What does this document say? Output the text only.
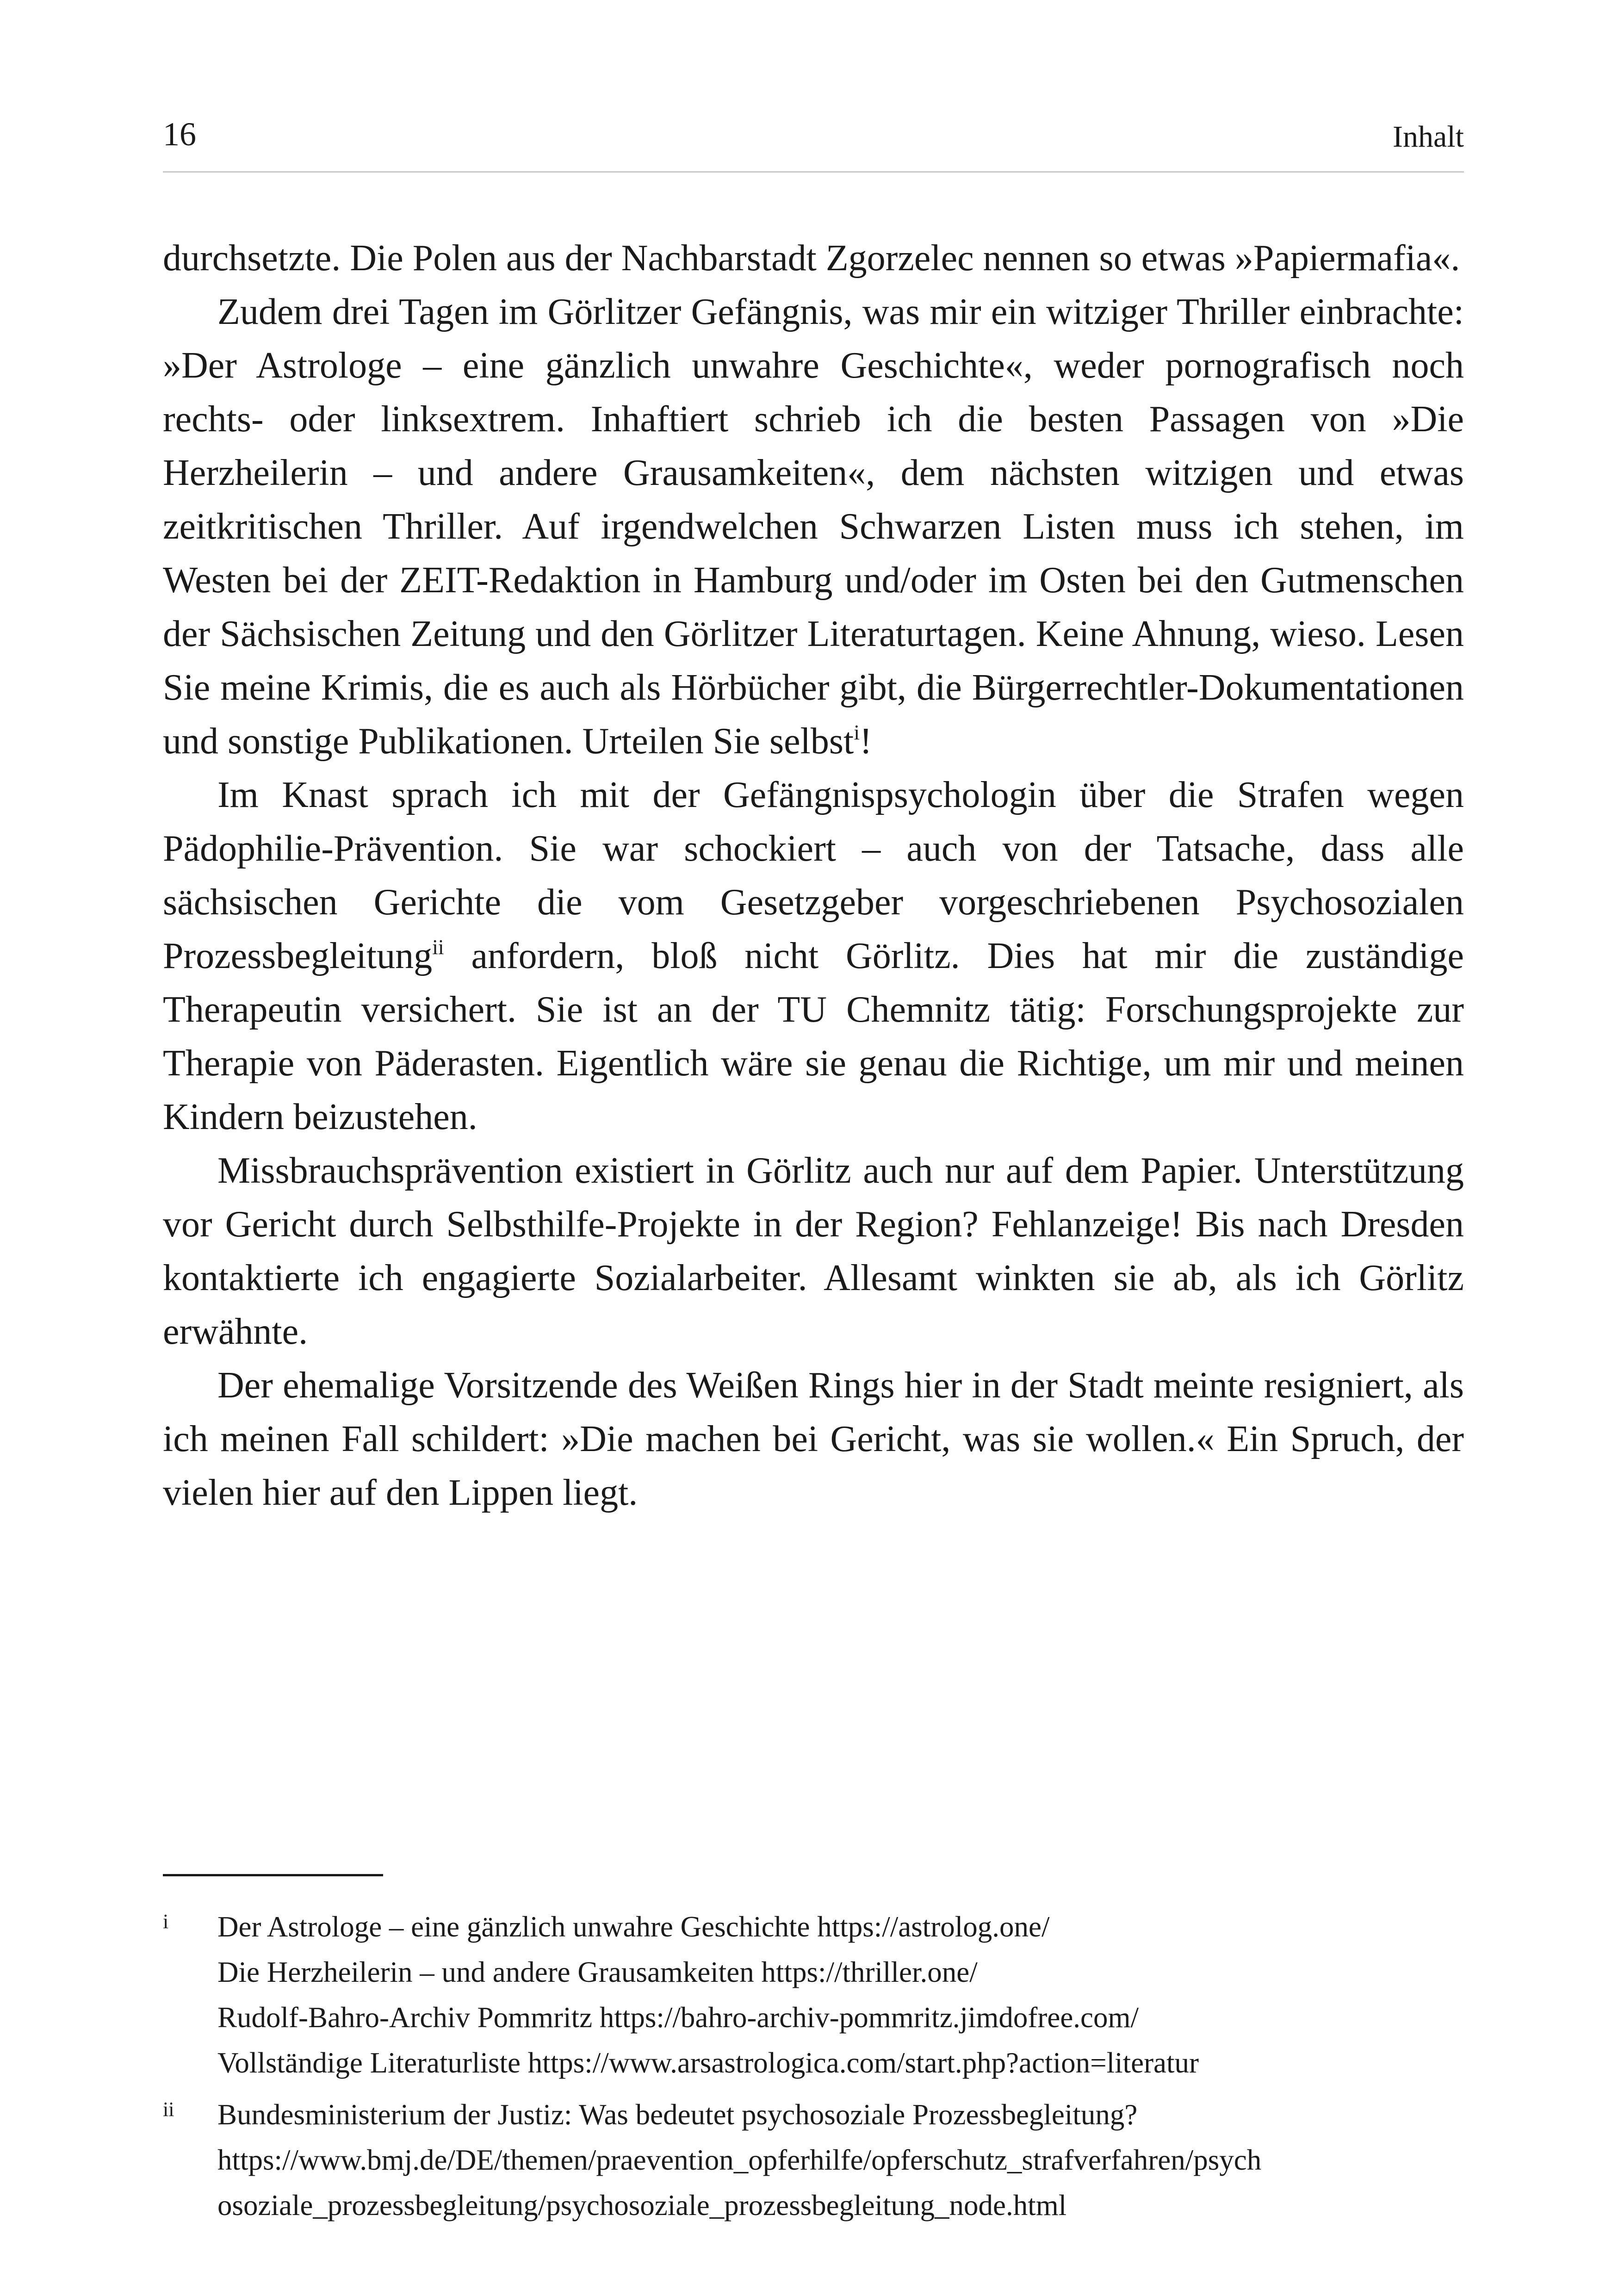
16	Inhalt

durchsetzte. Die Polen aus der Nachbarstadt Zgorzelec nennen so etwas »Papiermafia«.

Zudem drei Tagen im Görlitzer Gefängnis, was mir ein witziger Thriller einbrachte: »Der Astrologe – eine gänzlich unwahre Geschichte«, weder pornografisch noch rechts- oder linksextrem. Inhaftiert schrieb ich die besten Passagen von »Die Herzheilerin – und andere Grausamkeiten«, dem nächsten witzigen und etwas zeitkritischen Thriller. Auf irgendwelchen Schwarzen Listen muss ich stehen, im Westen bei der ZEIT-Redaktion in Hamburg und/oder im Osten bei den Gutmenschen der Sächsischen Zeitung und den Görlitzer Literaturtagen. Keine Ahnung, wieso. Lesen Sie meine Krimis, die es auch als Hörbücher gibt, die Bürgerrechtler-Dokumentationen und sonstige Publikationen. Urteilen Sie selbst$^i$!

Im Knast sprach ich mit der Gefängnispsychologin über die Strafen wegen Pädophilie-Prävention. Sie war schockiert – auch von der Tatsache, dass alle sächsischen Gerichte die vom Gesetzgeber vorgeschriebenen Psychosozialen Prozessbegleitung$^{ii}$ anfordern, bloß nicht Görlitz. Dies hat mir die zuständige Therapeutin versichert. Sie ist an der TU Chemnitz tätig: Forschungsprojekte zur Therapie von Päderasten. Eigentlich wäre sie genau die Richtige, um mir und meinen Kindern beizustehen.

Missbrauchsprävention existiert in Görlitz auch nur auf dem Papier. Unterstützung vor Gericht durch Selbsthilfe-Projekte in der Region? Fehlanzeige! Bis nach Dresden kontaktierte ich engagierte Sozialarbeiter. Allesamt winkten sie ab, als ich Görlitz erwähnte.

Der ehemalige Vorsitzende des Weißen Rings hier in der Stadt meinte resigniert, als ich meinen Fall schildert: »Die machen bei Gericht, was sie wollen.« Ein Spruch, der vielen hier auf den Lippen liegt.

i Der Astrologe – eine gänzlich unwahre Geschichte https://astrolog.one/
Die Herzheilerin – und andere Grausamkeiten https://thriller.one/
Rudolf-Bahro-Archiv Pommritz https://bahro-archiv-pommritz.jimdofree.com/
Vollständige Literaturliste https://www.arsastrologica.com/start.php?action=literatur
ii Bundesministerium der Justiz: Was bedeutet psychosoziale Prozessbegleitung?
https://www.bmj.de/DE/themen/praevention_opferhilfe/opferschutz_strafverfahren/psych
osoziale_prozessbegleitung/psychosoziale_prozessbegleitung_node.html
